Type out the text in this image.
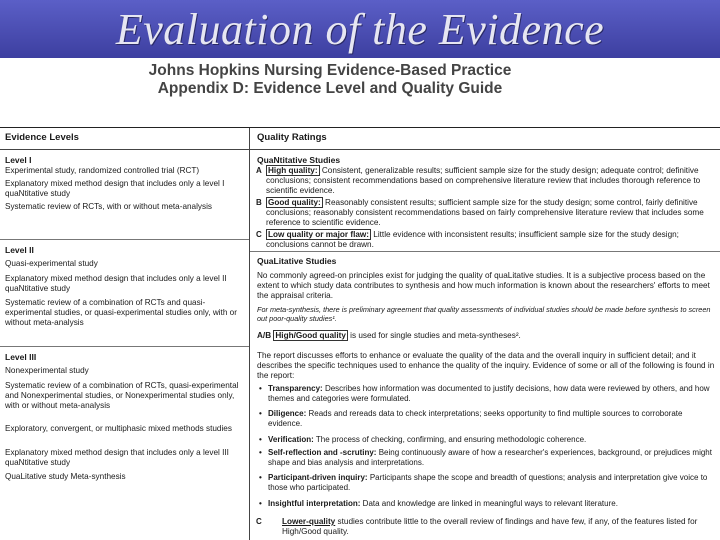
Evaluation of the Evidence
Johns Hopkins Nursing Evidence-Based Practice
Appendix D: Evidence Level and Quality Guide
Evidence Levels	Quality Ratings
Level I
Experimental study, randomized controlled trial (RCT)
Explanatory mixed method design that includes only a level I quaNtitative study
Systematic review of RCTs, with or without meta-analysis
Level II
Quasi-experimental study
Explanatory mixed method design that includes only a level II quaNtitative study
Systematic review of a combination of RCTs and quasi-experimental studies, or quasi-experimental studies only, with or without meta-analysis
Level III
Nonexperimental study
Systematic review of a combination of RCTs, quasi-experimental and Nonexperimental studies, or Nonexperimental studies only, with or without meta-analysis
Exploratory, convergent, or multiphasic mixed methods studies
Explanatory mixed method design that includes only a level III quaNtitative study
QuaLitative study Meta-synthesis
QuaNtitative Studies
A High quality: Consistent, generalizable results; sufficient sample size for the study design; adequate control; definitive conclusions; consistent recommendations based on comprehensive literature review that includes thorough reference to scientific evidence.
B Good quality: Reasonably consistent results; sufficient sample size for the study design; some control, fairly definitive conclusions; reasonably consistent recommendations based on fairly comprehensive literature review that includes some reference to scientific evidence.
C Low quality or major flaw: Little evidence with inconsistent results; insufficient sample size for the study design; conclusions cannot be drawn.
QuaLitative Studies
No commonly agreed-on principles exist for judging the quality of quaLitative studies. It is a subjective process based on the extent to which study data contributes to synthesis and how much information is known about the researchers' efforts to meet the appraisal criteria.
For meta-synthesis, there is preliminary agreement that quality assessments of individual studies should be made before synthesis to screen out poor-quality studies¹.
A/B High/Good quality is used for single studies and meta-syntheses².
The report discusses efforts to enhance or evaluate the quality of the data and the overall inquiry in sufficient detail; and it describes the specific techniques used to enhance the quality of the inquiry. Evidence of some or all of the following is found in the report:
• Transparency: Describes how information was documented to justify decisions, how data were reviewed by others, and how themes and categories were formulated.
• Diligence: Reads and rereads data to check interpretations; seeks opportunity to find multiple sources to corroborate evidence.
• Verification: The process of checking, confirming, and ensuring methodologic coherence.
• Self-reflection and -scrutiny: Being continuously aware of how a researcher's experiences, background, or prejudices might shape and bias analysis and interpretations.
• Participant-driven inquiry: Participants shape the scope and breadth of questions; analysis and interpretation give voice to those who participated.
• Insightful interpretation: Data and knowledge are linked in meaningful ways to relevant literature.
C Lower-quality studies contribute little to the overall review of findings and have few, if any, of the features listed for High/Good quality.
